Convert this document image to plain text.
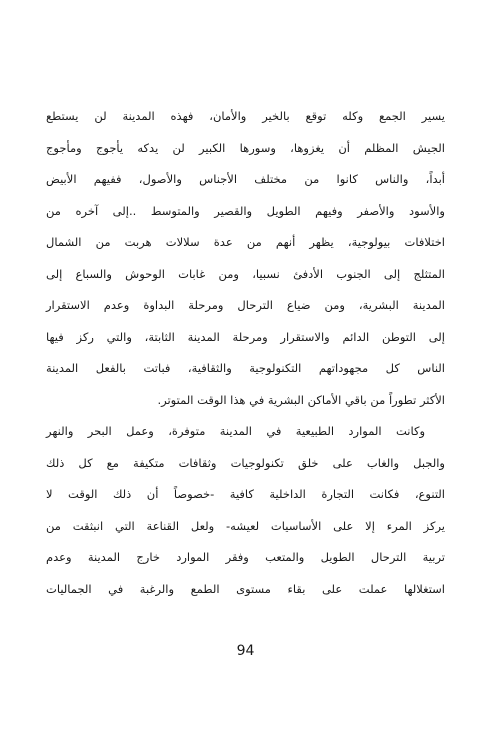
يسير الجمع وكله توقع بالخير والأمان، فهذه المدينة لن يستطع
الجيش المظلم أن يغزوها، وسورها الكبير لن يدكه يأجوج ومأجوج
أبداً، والناس كانوا من مختلف الأجناس والأصول، ففيهم الأبيض
والأسود والأصفر وفيهم الطويل والقصير والمتوسط ..إلى آخره من
اختلافات بيولوجية، يظهر أنهم من عدة سلالات هربت من الشمال
المتثلج إلى الجنوب الأدفئ نسبيا، ومن غابات الوحوش والسباع إلى
المدينة البشرية، ومن ضياع الترحال ومرحلة البداوة وعدم الاستقرار
إلى التوطن الدائم والاستقرار ومرحلة المدينة الثابتة، والتي ركز فيها
الناس كل مجهوداتهم التكنولوجية والثقافية، فباتت بالفعل المدينة
الأكثر تطوراً من باقي الأماكن البشرية في هذا الوقت المتوتر.
وكانت الموارد الطبيعية في المدينة متوفرة، وعمل البحر والنهر
والجبل والغاب على خلق تكنولوجيات وثقافات متكيفة مع كل ذلك
التنوع، فكانت التجارة الداخلية كافية -خصوصاً أن ذلك الوقت لا
يركز المرء إلا على الأساسيات لعيشه- ولعل القناعة التي انبثقت من
تربية الترحال الطويل والمتعب وفقر الموارد خارج المدينة وعدم
استغلالها عملت على بقاء مستوى الطمع والرغبة في الجماليات
94
